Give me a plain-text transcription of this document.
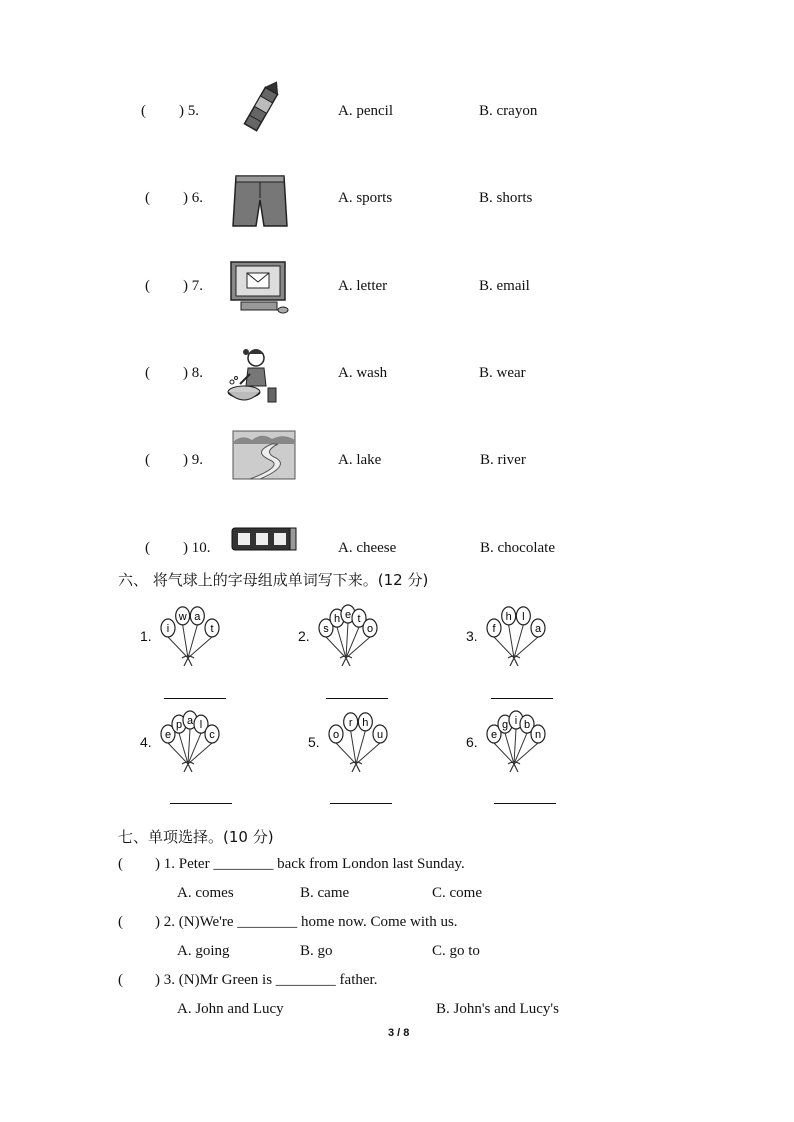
( ) 5.	A. pencil	B. crayon
( ) 6.	A. sports	B. shorts
( ) 7.	A. letter	B. email
( ) 8.	A. wash	B. wear
( ) 9.	A. lake	B. river
( ) 10.	A. cheese	B. chocolate
六、 将气球上的字母组成单词写下来。(12 分)
1. i
w a
t	2. s
h e t
o	3. f
h l
a
4. e
p a l
c	5. o
r h
u	6. e
g i b
n
七、单项选择。(10 分)
( ) 1. Peter ________ back from London last Sunday.
A. comes	B. came	C. come
( ) 2. (N)We're ________ home now. Come with us.
A. going	B. go	C. go to
( ) 3. (N)Mr Green is ________ father.
A. John and Lucy	B. John's and Lucy's
3 / 8
